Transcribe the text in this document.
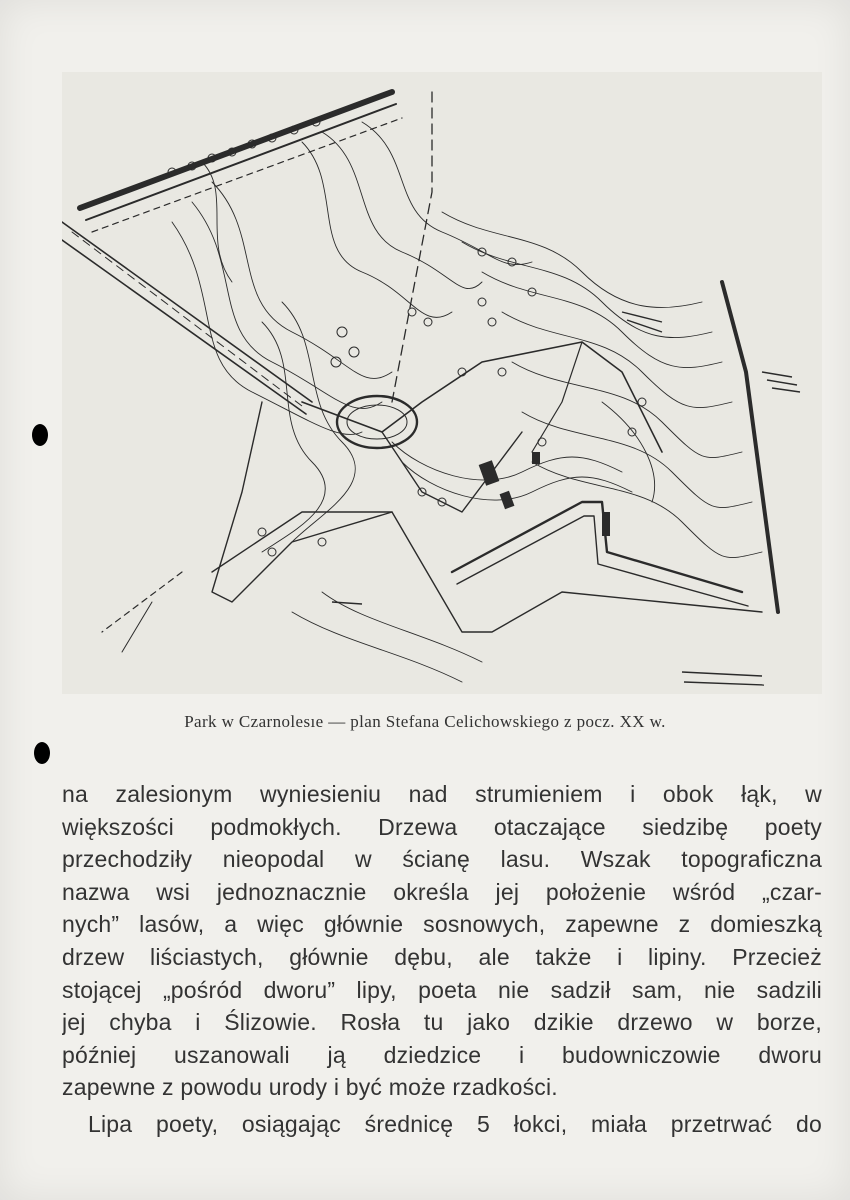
Park w Czarnolesıe — plan Stefana Celichowskiego z pocz. XX w.
na zalesionym wyniesieniu nad strumieniem i obok łąk, w
większości podmokłych. Drzewa otaczające siedzibę poety
przechodziły nieopodal w ścianę lasu. Wszak topograficzna
nazwa wsi jednoznacznie określa jej położenie wśród „czar-
nych” lasów, a więc głównie sosnowych, zapewne z domieszką
drzew liściastych, głównie dębu, ale także i lipiny. Przecież
stojącej „pośród dworu” lipy, poeta nie sadził sam, nie sadzili
jej chyba i Ślizowie. Rosła tu jako dzikie drzewo w borze,
później uszanowali ją dziedzice i budowniczowie dworu
zapewne z powodu urody i być może rzadkości.
Lipa poety, osiągając średnicę 5 łokci, miała przetrwać do
